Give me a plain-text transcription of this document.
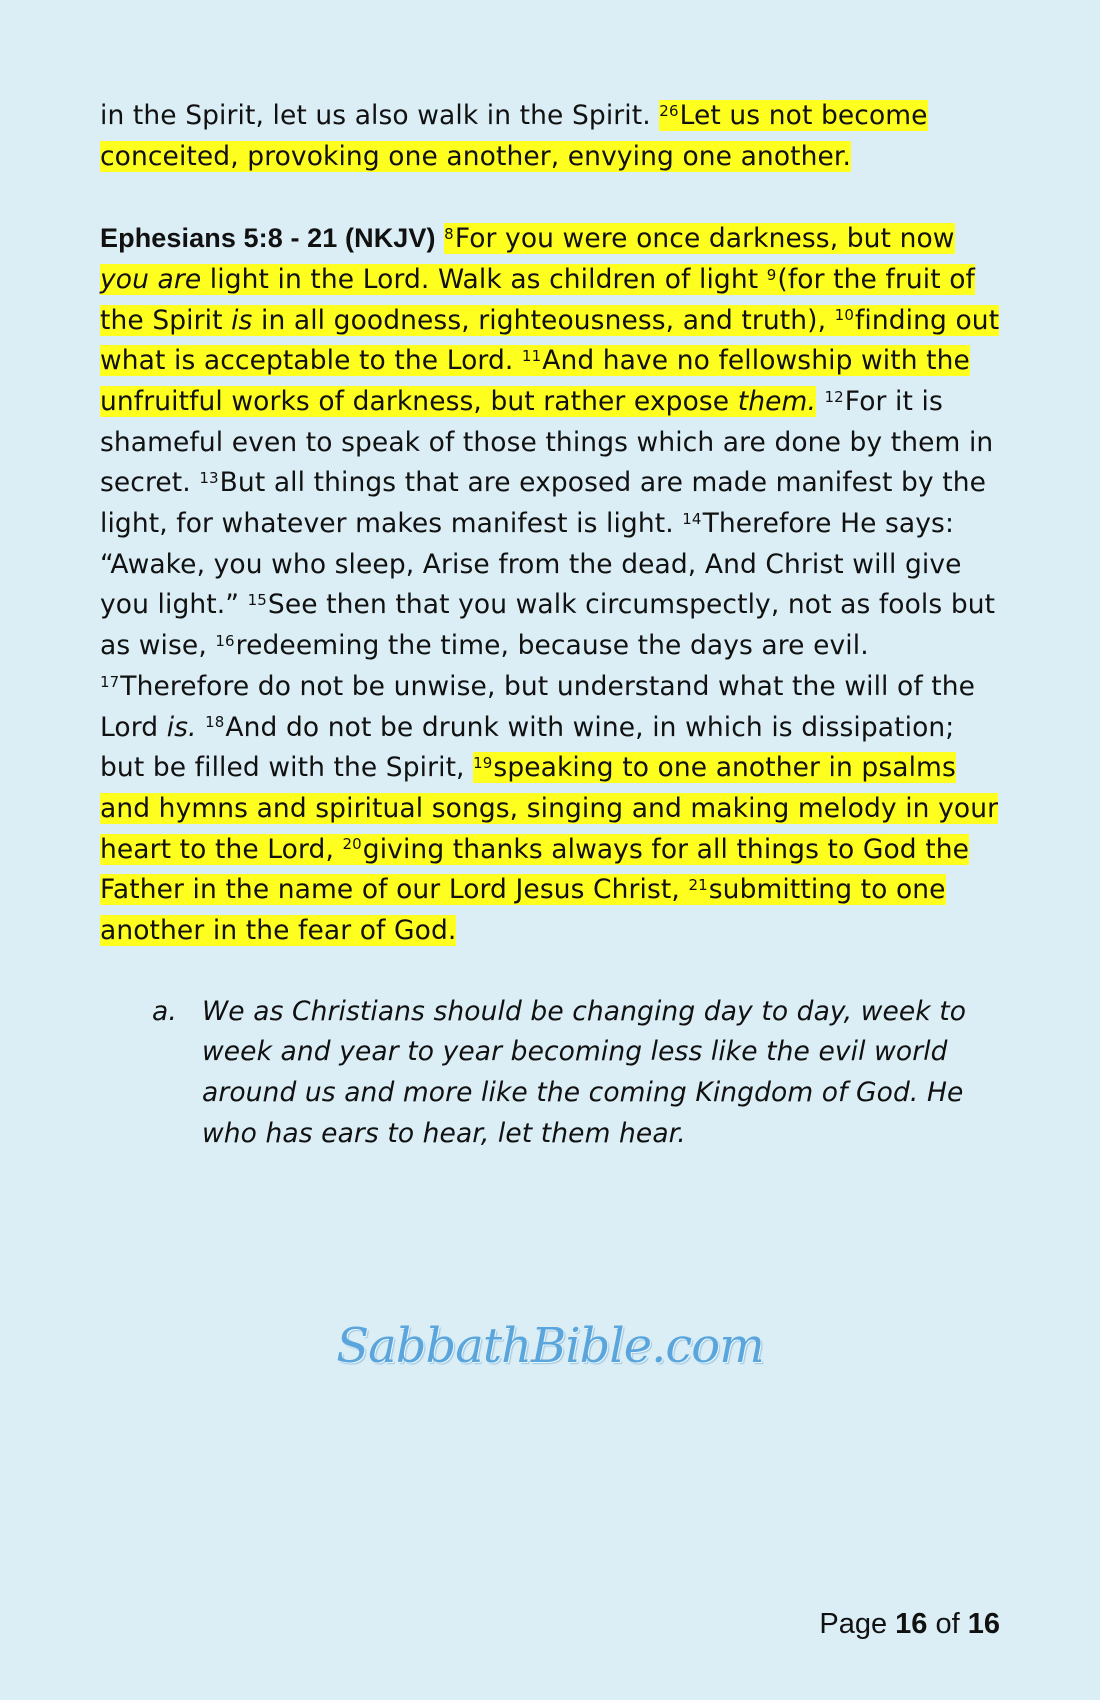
in the Spirit, let us also walk in the Spirit. $^{26}$Let us not become conceited, provoking one another, envying one another.

Ephesians 5:8 - 21 (NKJV) $^8$For you were once darkness, but now you are light in the Lord. Walk as children of light $^9$(for the fruit of the Spirit is in all goodness, righteousness, and truth), $^{10}$finding out what is acceptable to the Lord. $^{11}$And have no fellowship with the unfruitful works of darkness, but rather expose them. $^{12}$For it is shameful even to speak of those things which are done by them in secret. $^{13}$But all things that are exposed are made manifest by the light, for whatever makes manifest is light. $^{14}$Therefore He says: “Awake, you who sleep, Arise from the dead, And Christ will give you light.” $^{15}$See then that you walk circumspectly, not as fools but as wise, $^{16}$redeeming the time, because the days are evil. $^{17}$Therefore do not be unwise, but understand what the will of the Lord is. $^{18}$And do not be drunk with wine, in which is dissipation; but be filled with the Spirit, $^{19}$speaking to one another in psalms and hymns and spiritual songs, singing and making melody in your heart to the Lord, $^{20}$giving thanks always for all things to God the Father in the name of our Lord Jesus Christ, $^{21}$submitting to one another in the fear of God.

a. We as Christians should be changing day to day, week to week and year to year becoming less like the evil world around us and more like the coming Kingdom of God. He who has ears to hear, let them hear.
SabbathBible.com
Page 16 of 16
